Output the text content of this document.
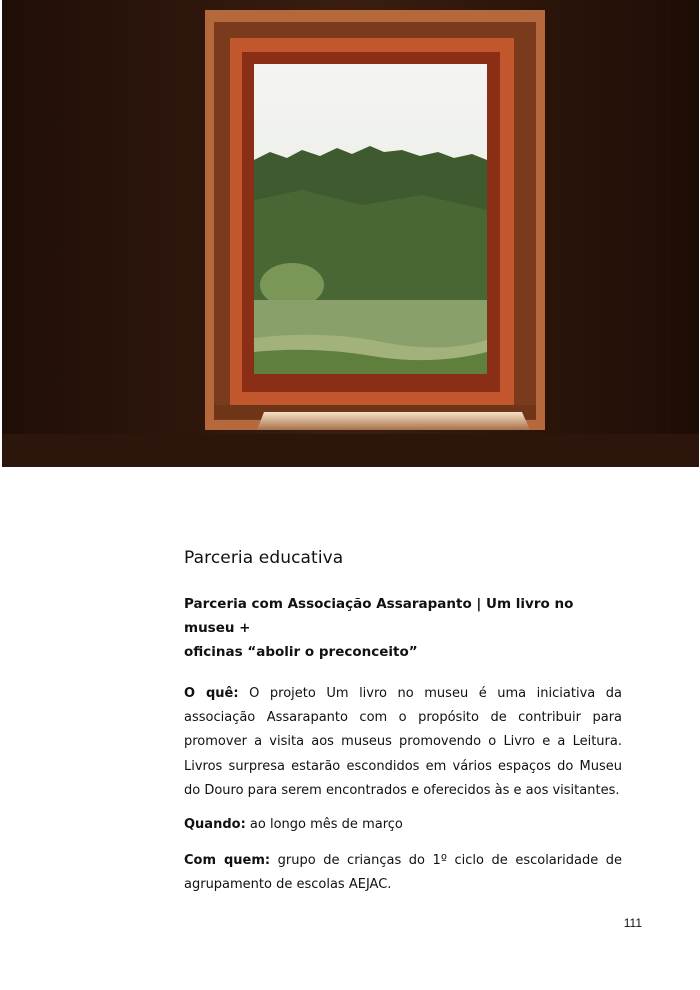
Parceria educativa
Parceria com Associação Assarapanto | Um livro no museu +
oficinas “abolir o preconceito”
O quê: O projeto Um livro no museu é uma iniciativa da associação Assarapanto com o propósito de contribuir para promover a visita aos museus promovendo o Livro e a Leitura. Livros surpresa estarão escondidos em vários espaços do Museu do Douro para serem encontrados e oferecidos às e aos visitantes.
Quando: ao longo mês de março
Com quem: grupo de crianças do 1º ciclo de escolaridade de agrupamento de escolas AEJAC.
111
